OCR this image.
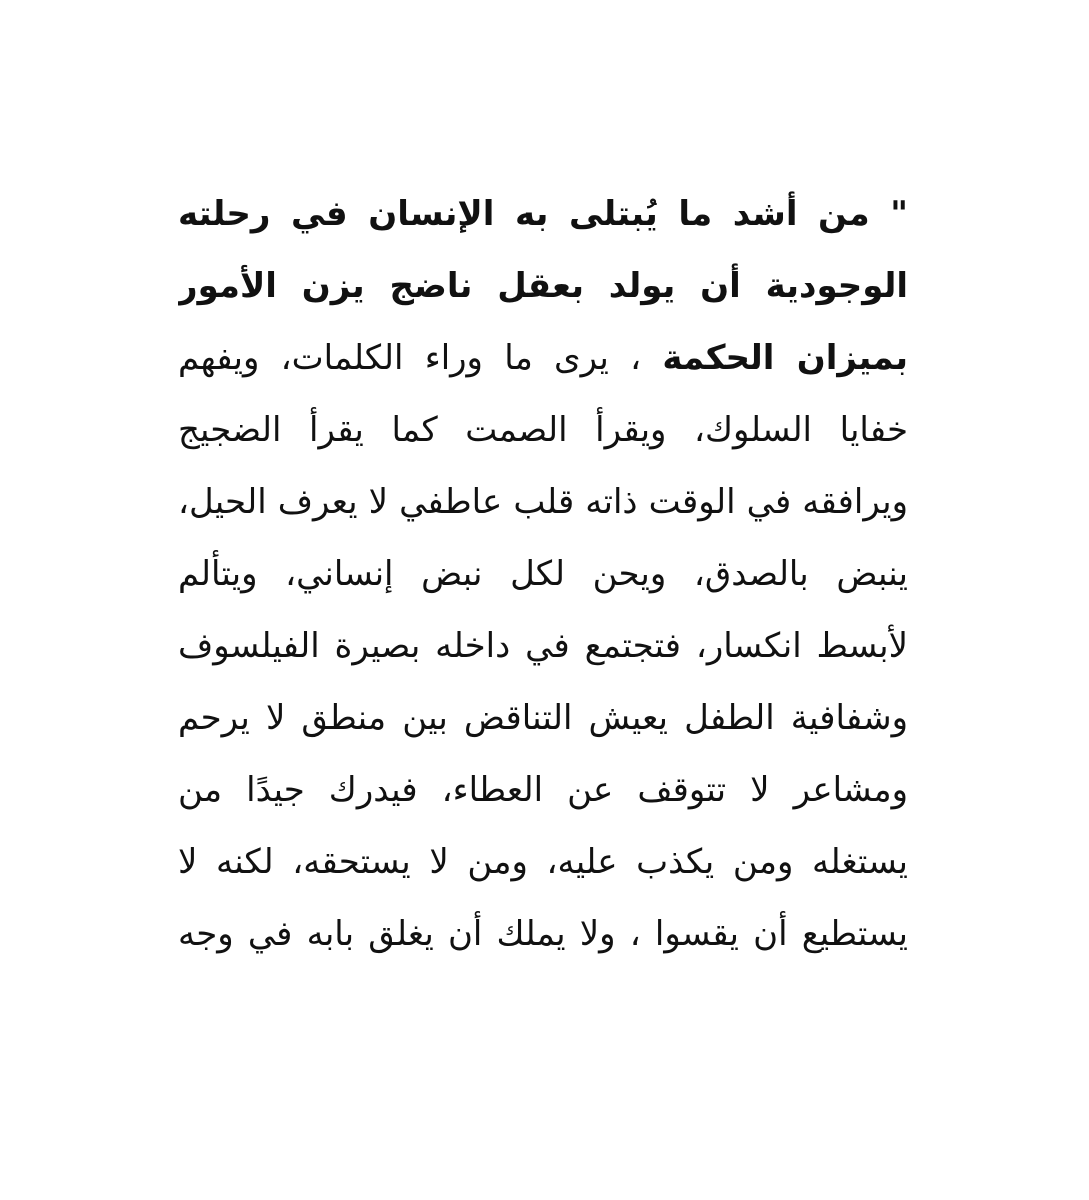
" من أشد ما يُبتلى به الإنسان في رحلته
الوجودية أن يولد بعقل ناضج يزن الأمور
بميزان الحكمة ، يرى ما وراء الكلمات، ويفهم
خفايا السلوك، ويقرأ الصمت كما يقرأ الضجيج
ويرافقه في الوقت ذاته قلب عاطفي لا يعرف الحيل،
ينبض بالصدق، ويحن لكل نبض إنساني، ويتألم
لأبسط انكسار، فتجتمع في داخله بصيرة الفيلسوف
وشفافية الطفل يعيش التناقض بين منطق لا يرحم
ومشاعر لا تتوقف عن العطاء، فيدرك جيدًا من
يستغله ومن يكذب عليه، ومن لا يستحقه، لكنه لا
يستطيع أن يقسوا ، ولا يملك أن يغلق بابه في وجه
